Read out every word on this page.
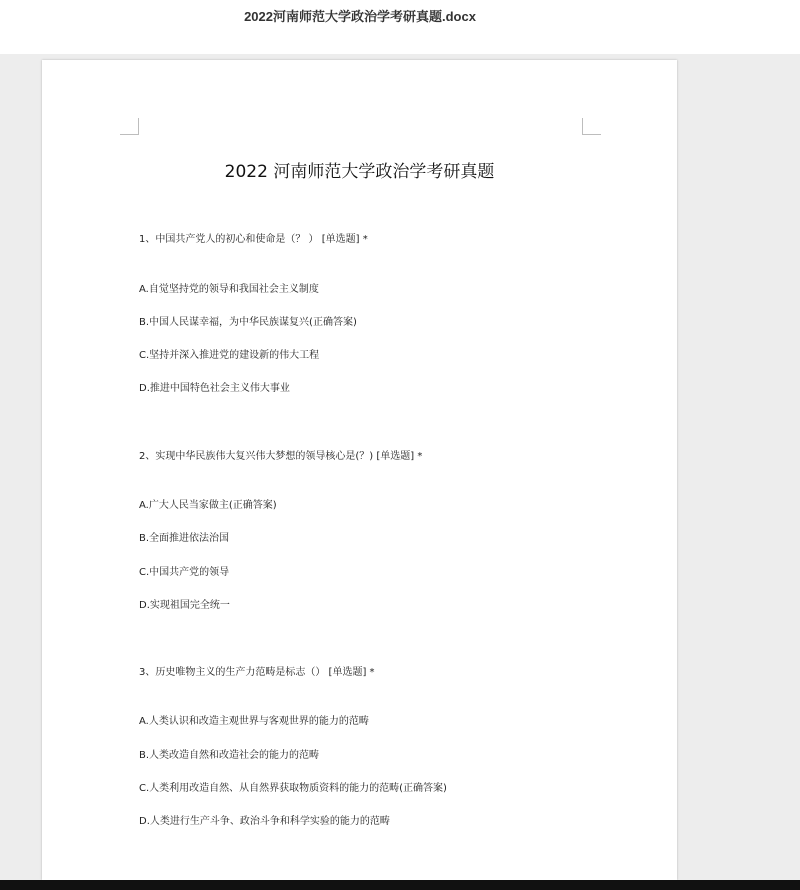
2022河南师范大学政治学考研真题.docx
2022 河南师范大学政治学考研真题
1、中国共产党人的初心和使命是（？ ） [单选题] *
A.自觉坚持党的领导和我国社会主义制度
B.中国人民谋幸福，为中华民族谋复兴(正确答案)
C.坚持并深入推进党的建设新的伟大工程
D.推进中国特色社会主义伟大事业
2、实现中华民族伟大复兴伟大梦想的领导核心是(？) [单选题] *
A.广大人民当家做主(正确答案)
B.全面推进依法治国
C.中国共产党的领导
D.实现祖国完全统一
3、历史唯物主义的生产力范畴是标志（） [单选题] *
A.人类认识和改造主观世界与客观世界的能力的范畴
B.人类改造自然和改造社会的能力的范畴
C.人类利用改造自然、从自然界获取物质资料的能力的范畴(正确答案)
D.人类进行生产斗争、政治斗争和科学实验的能力的范畴
